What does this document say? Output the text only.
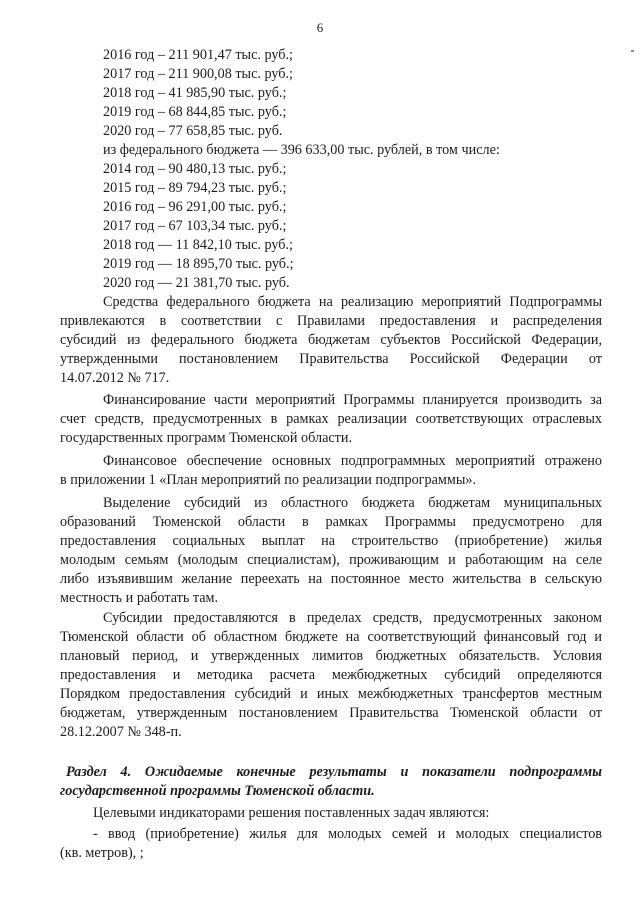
6
2016 год – 211 901,47 тыс. руб.;
2017 год – 211 900,08 тыс. руб.;
2018 год – 41 985,90 тыс. руб.;
2019 год – 68 844,85 тыс. руб.;
2020 год – 77 658,85 тыс. руб.
из федерального бюджета — 396 633,00 тыс. рублей, в том числе:
2014 год – 90 480,13 тыс. руб.;
2015 год – 89 794,23 тыс. руб.;
2016 год – 96 291,00 тыс. руб.;
2017 год – 67 103,34 тыс. руб.;
2018 год — 11 842,10 тыс. руб.;
2019 год — 18 895,70 тыс. руб.;
2020 год — 21 381,70 тыс. руб.
Средства федерального бюджета на реализацию мероприятий Подпрограммы
привлекаются в соответствии с Правилами предоставления и распределения
субсидий из федерального бюджета бюджетам субъектов Российской Федерации,
утвержденными постановлением Правительства Российской Федерации от
14.07.2012 № 717.
Финансирование части мероприятий Программы планируется производить за
счет средств, предусмотренных в рамках реализации соответствующих отраслевых
государственных программ Тюменской области.
Финансовое обеспечение основных подпрограммных мероприятий отражено
в приложении 1 «План мероприятий по реализации подпрограммы».
Выделение субсидий из областного бюджета бюджетам муниципальных
образований Тюменской области в рамках Программы предусмотрено для
предоставления социальных выплат на строительство (приобретение) жилья
молодым семьям (молодым специалистам), проживающим и работающим на селе
либо изъявившим желание переехать на постоянное место жительства в сельскую
местность и работать там.
Субсидии предоставляются в пределах средств, предусмотренных законом
Тюменской области об областном бюджете на соответствующий финансовый год и
плановый период, и утвержденных лимитов бюджетных обязательств. Условия
предоставления и методика расчета межбюджетных субсидий определяются
Порядком предоставления субсидий и иных межбюджетных трансфертов местным
бюджетам, утвержденным постановлением Правительства Тюменской области от
28.12.2007 № 348-п.
Раздел 4. Ожидаемые конечные результаты и показатели подпрограммы
государственной программы Тюменской области.
Целевыми индикаторами решения поставленных задач являются:
- ввод (приобретение) жилья для молодых семей и молодых специалистов
(кв. метров), ;
